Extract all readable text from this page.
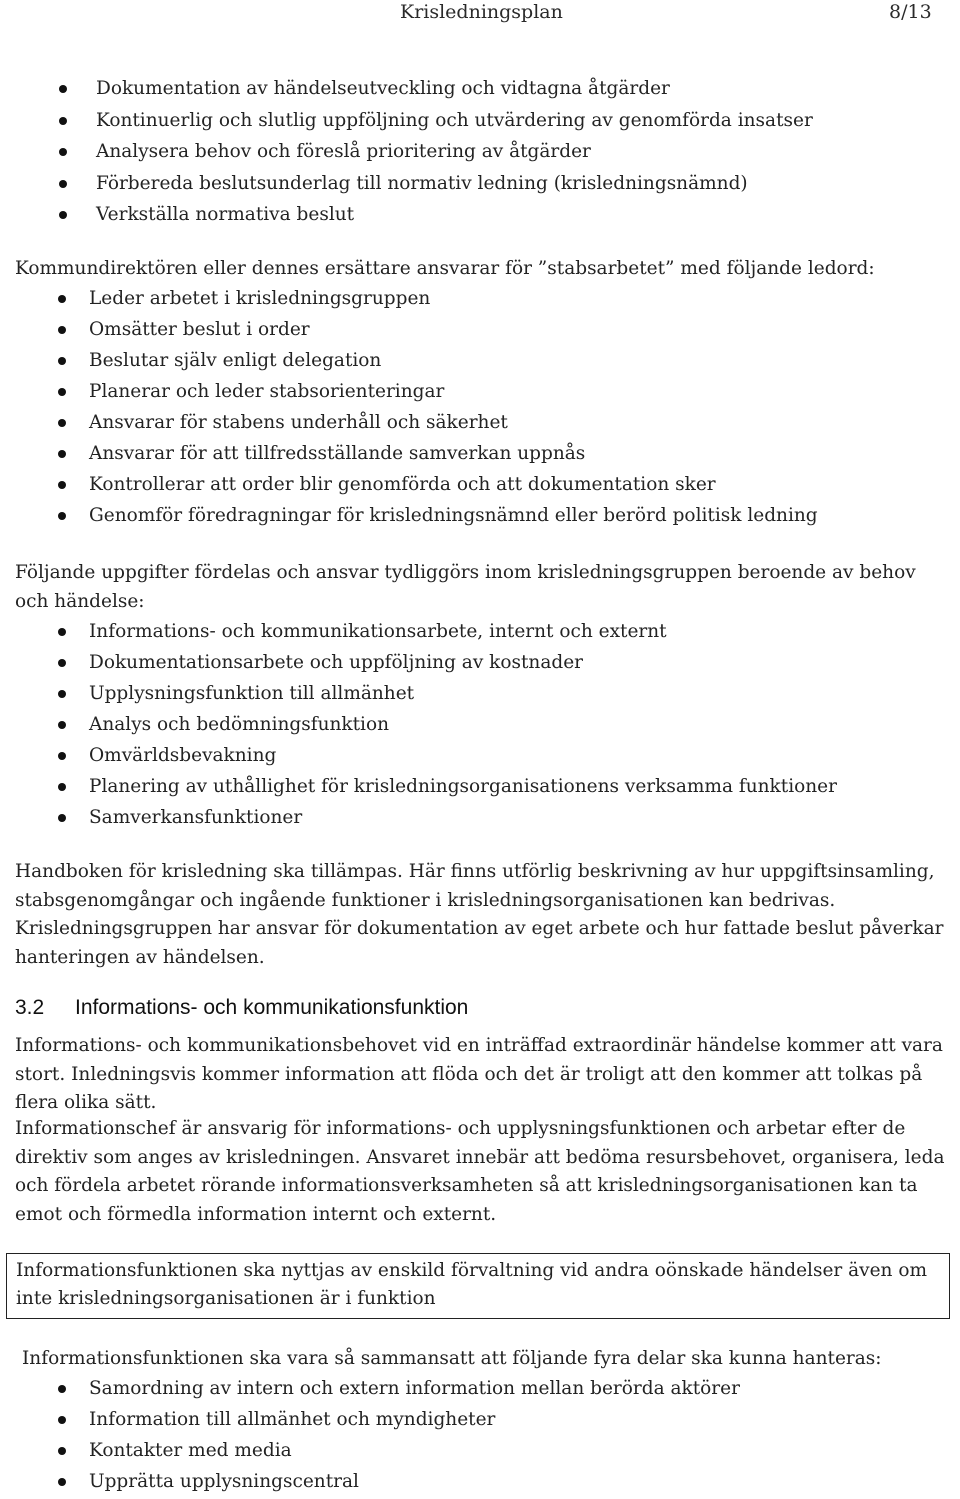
Krisledningsplan	8/13
Dokumentation av händelseutveckling och vidtagna åtgärder
Kontinuerlig och slutlig uppföljning och utvärdering av genomförda insatser
Analysera behov och föreslå prioritering av åtgärder
Förbereda beslutsunderlag till normativ ledning (krisledningsnämnd)
Verkställa normativa beslut

Kommundirektören eller dennes ersättare ansvarar för ”stabsarbetet” med följande ledord:

Leder arbetet i krisledningsgruppen
Omsätter beslut i order
Beslutar själv enligt delegation
Planerar och leder stabsorienteringar
Ansvarar för stabens underhåll och säkerhet
Ansvarar för att tillfredsställande samverkan uppnås
Kontrollerar att order blir genomförda och att dokumentation sker
Genomför föredragningar för krisledningsnämnd eller berörd politisk ledning

Följande uppgifter fördelas och ansvar tydliggörs inom krisledningsgruppen beroende av behov och händelse:

Informations- och kommunikationsarbete, internt och externt
Dokumentationsarbete och uppföljning av kostnader
Upplysningsfunktion till allmänhet
Analys och bedömningsfunktion
Omvärldsbevakning
Planering av uthållighet för krisledningsorganisationens verksamma funktioner
Samverkansfunktioner

Handboken för krisledning ska tillämpas. Här finns utförlig beskrivning av hur uppgiftsinsamling, stabsgenomgångar och ingående funktioner i krisledningsorganisationen kan bedrivas. Krisledningsgruppen har ansvar för dokumentation av eget arbete och hur fattade beslut påverkar hanteringen av händelsen.

3.2 Informations- och kommunikationsfunktion

Informations- och kommunikationsbehovet vid en inträffad extraordinär händelse kommer att vara stort. Inledningsvis kommer information att flöda och det är troligt att den kommer att tolkas på flera olika sätt.

Informationschef är ansvarig för informations- och upplysningsfunktionen och arbetar efter de direktiv som anges av krisledningen. Ansvaret innebär att bedöma resursbehovet, organisera, leda och fördela arbetet rörande informationsverksamheten så att krisledningsorganisationen kan ta emot och förmedla information internt och externt.

Informationsfunktionen ska nyttjas av enskild förvaltning vid andra oönskade händelser även om inte krisledningsorganisationen är i funktion

Informationsfunktionen ska vara så sammansatt att följande fyra delar ska kunna hanteras:

Samordning av intern och extern information mellan berörda aktörer
Information till allmänhet och myndigheter
Kontakter med media
Upprätta upplysningscentral
